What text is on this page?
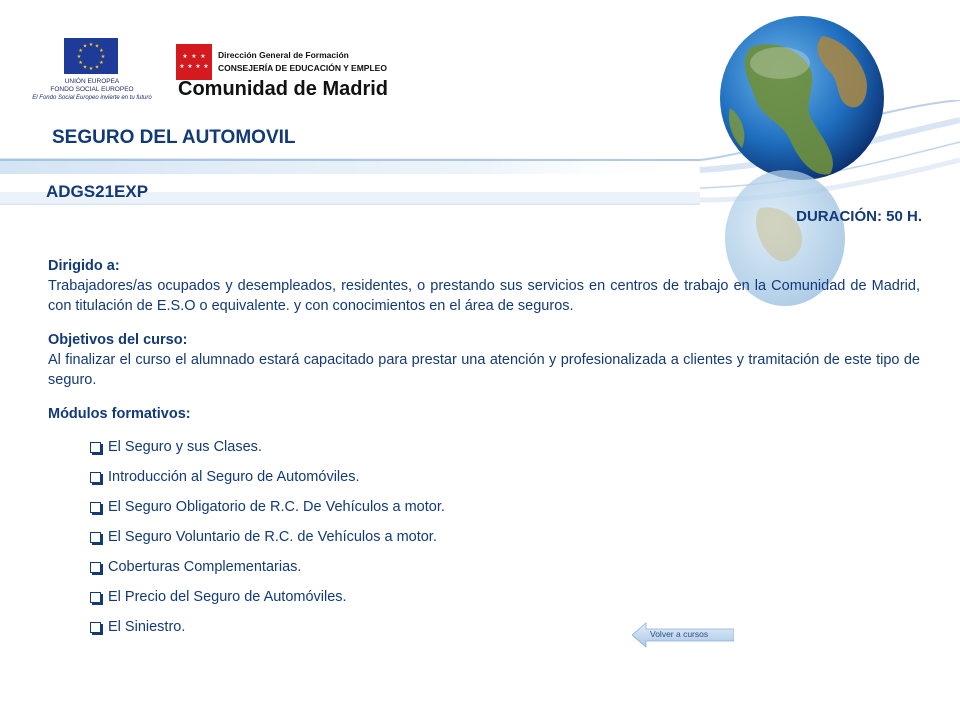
★ ★
★
★
★
★
★
★
★
★
★
★
UNIÓN EUROPEA
FONDO SOCIAL EUROPEO
El Fondo Social Europeo invierte en tu futuro
★ ★ ★
★ ★ ★ ★
Dirección General de Formación
CONSEJERÍA DE EDUCACIÓN Y EMPLEO
Comunidad de Madrid
SEGURO DEL AUTOMOVIL
ADGS21EXP
DURACIÓN: 50 H.
Dirigido a:
Trabajadores/as ocupados y desempleados, residentes, o prestando sus servicios en centros de trabajo en la Comunidad de Madrid, con titulación de E.S.O o equivalente. y con conocimientos en el área de seguros.
Objetivos del curso:
Al finalizar el curso el alumnado estará capacitado para prestar una atención y profesionalizada a clientes y tramitación de este tipo de seguro.
Módulos formativos:
El Seguro y sus Clases.
Introducción al Seguro de Automóviles.
El Seguro Obligatorio de R.C. De Vehículos a motor.
El Seguro Voluntario de R.C. de Vehículos a motor.
Coberturas Complementarias.
El Precio del Seguro de Automóviles.
El Siniestro.	Volver a cursos
